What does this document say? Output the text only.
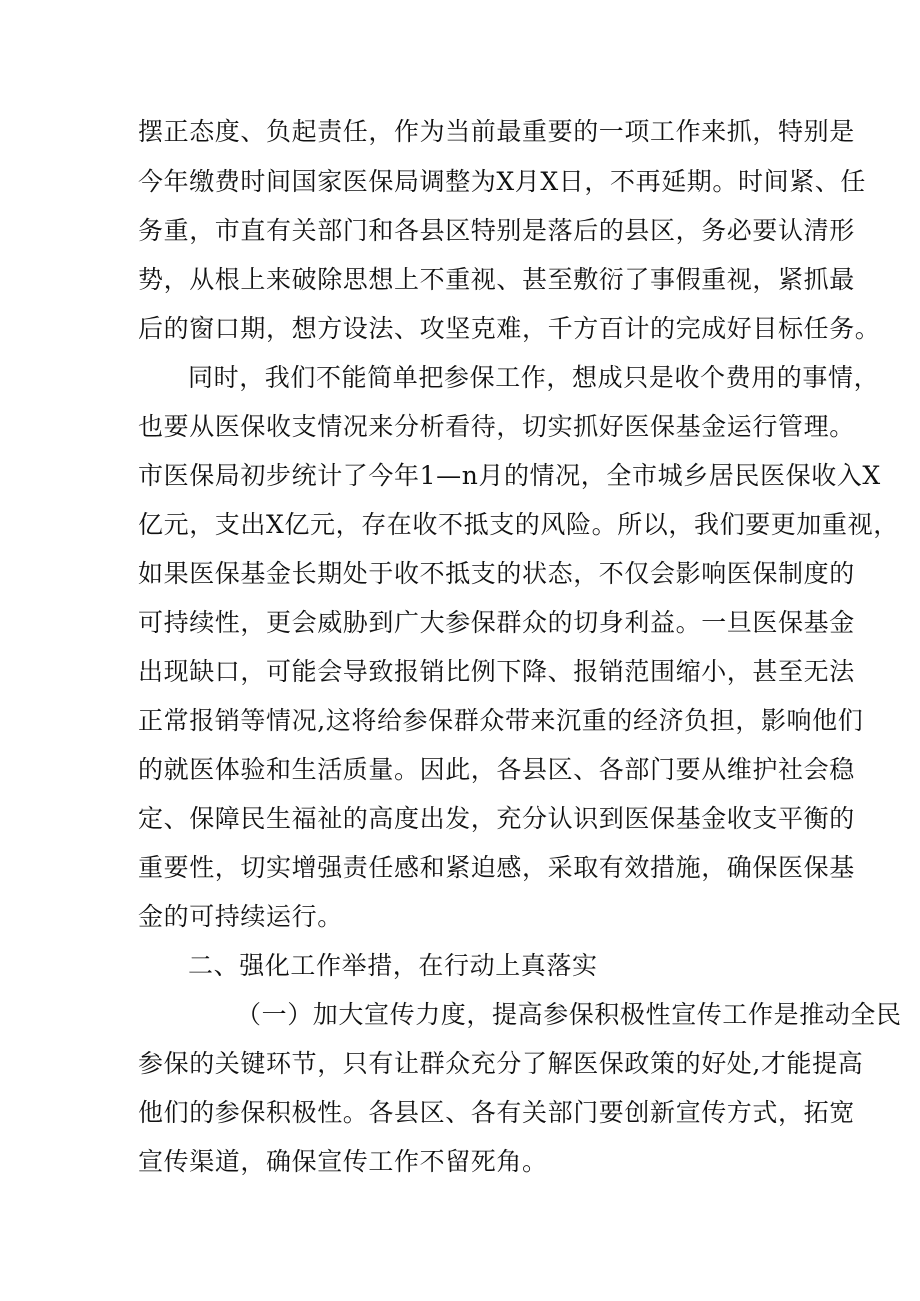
摆正态度、负起责任，作为当前最重要的一项工作来抓，特别是
今年缴费时间国家医保局调整为X月X日，不再延期。时间紧、任
务重，市直有关部门和各县区特别是落后的县区，务必要认清形
势，从根上来破除思想上不重视、甚至敷衍了事假重视，紧抓最
后的窗口期，想方设法、攻坚克难，千方百计的完成好目标任务。
同时，我们不能简单把参保工作，想成只是收个费用的事情，
也要从医保收支情况来分析看待，切实抓好医保基金运行管理。
市医保局初步统计了今年1—n月的情况，全市城乡居民医保收入X
亿元，支出X亿元，存在收不抵支的风险。所以，我们要更加重视，
如果医保基金长期处于收不抵支的状态，不仅会影响医保制度的
可持续性，更会威胁到广大参保群众的切身利益。一旦医保基金
出现缺口，可能会导致报销比例下降、报销范围缩小，甚至无法
正常报销等情况,这将给参保群众带来沉重的经济负担，影响他们
的就医体验和生活质量。因此，各县区、各部门要从维护社会稳
定、保障民生福祉的高度出发，充分认识到医保基金收支平衡的
重要性，切实增强责任感和紧迫感，采取有效措施，确保医保基
金的可持续运行。
二、强化工作举措，在行动上真落实
（一）加大宣传力度，提高参保积极性宣传工作是推动全民
参保的关键环节，只有让群众充分了解医保政策的好处,才能提高
他们的参保积极性。各县区、各有关部门要创新宣传方式，拓宽
宣传渠道，确保宣传工作不留死角。
